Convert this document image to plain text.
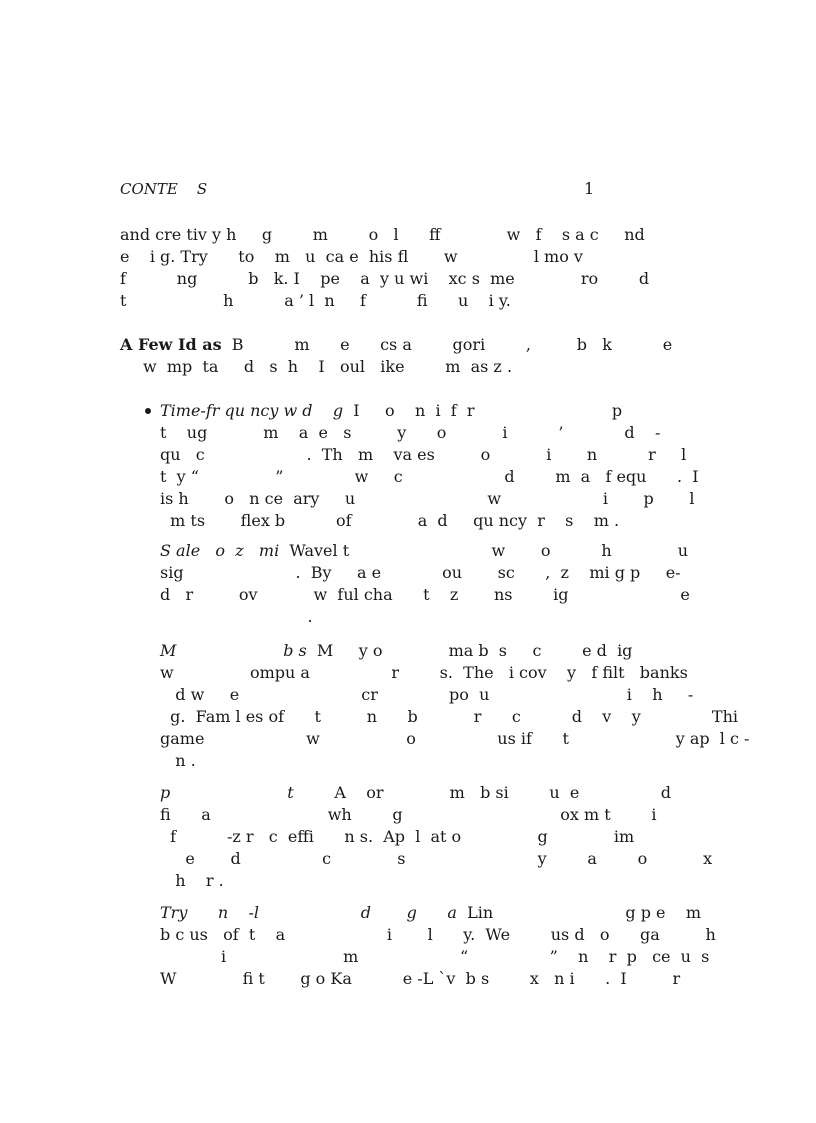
CONTE    S	1
and cre tiv y h     g        m        o   l      ff             w   f    s a c     nd
e    i g. Try      to    m   u  ca e  his fl       w               l mo v
f          ng          b   k. I    pe    a  y u wi    xc s  me             ro        d
t                   h          a ’ l  n     f          fi      u    i y.
A Few Id as  B          m      e      cs a        gori        ,         b   k          e
w  mp  ta     d   s  h    I   oul   ike        m  as z .
Time-fr qu ncy w d    g  I     o    n  i  f  r                           p
t    ug           m    a  e   s         y      o           i          ’            d    -
qu   c                    .  Th   m    va es         o           i       n          r     l
t  y “               ”              w     c                    d        m  a   f equ      .  I
is h       o   n ce  ary     u                          w                    i       p       l
m ts       flex b          of             a  d     qu ncy  r    s    m .
S ale   o  z   mi  Wavel t                            w       o          h             u
sig                      .  By     a e            ou       sc      ,  z    mi g p     e-
d   r         ov           w  ful cha      t    z       ns        ig                      e
.
M                     b s  M     y o             ma b  s     c        e d  ig
w               ompu a                r        s.  The   i cov    y   f filt   banks
d w     e                        cr              po  u                           i    h     -
g.  Fam l es of      t         n      b           r      c          d    v    y              Thi
game                    w                 o                us if      t                     y ap  l c -
n .
p                       t        A    or             m   b si        u  e                d
fi      a                       wh        g                               ox m t        i
f          -z r   c  effi      n s.  Ap  l  at o               g             im
e       d                c             s                          y        a        o           x
h    r .
Try      n    -l                    d       g      a  Lin                          g p e    m
b c us   of  t    a                    i       l      y.  We        us d   o      ga         h
i                       m                    “                ”    n    r  p   ce  u  s
W             fi t       g o Ka          e -L `v  b s        x   n i      .  I         r
